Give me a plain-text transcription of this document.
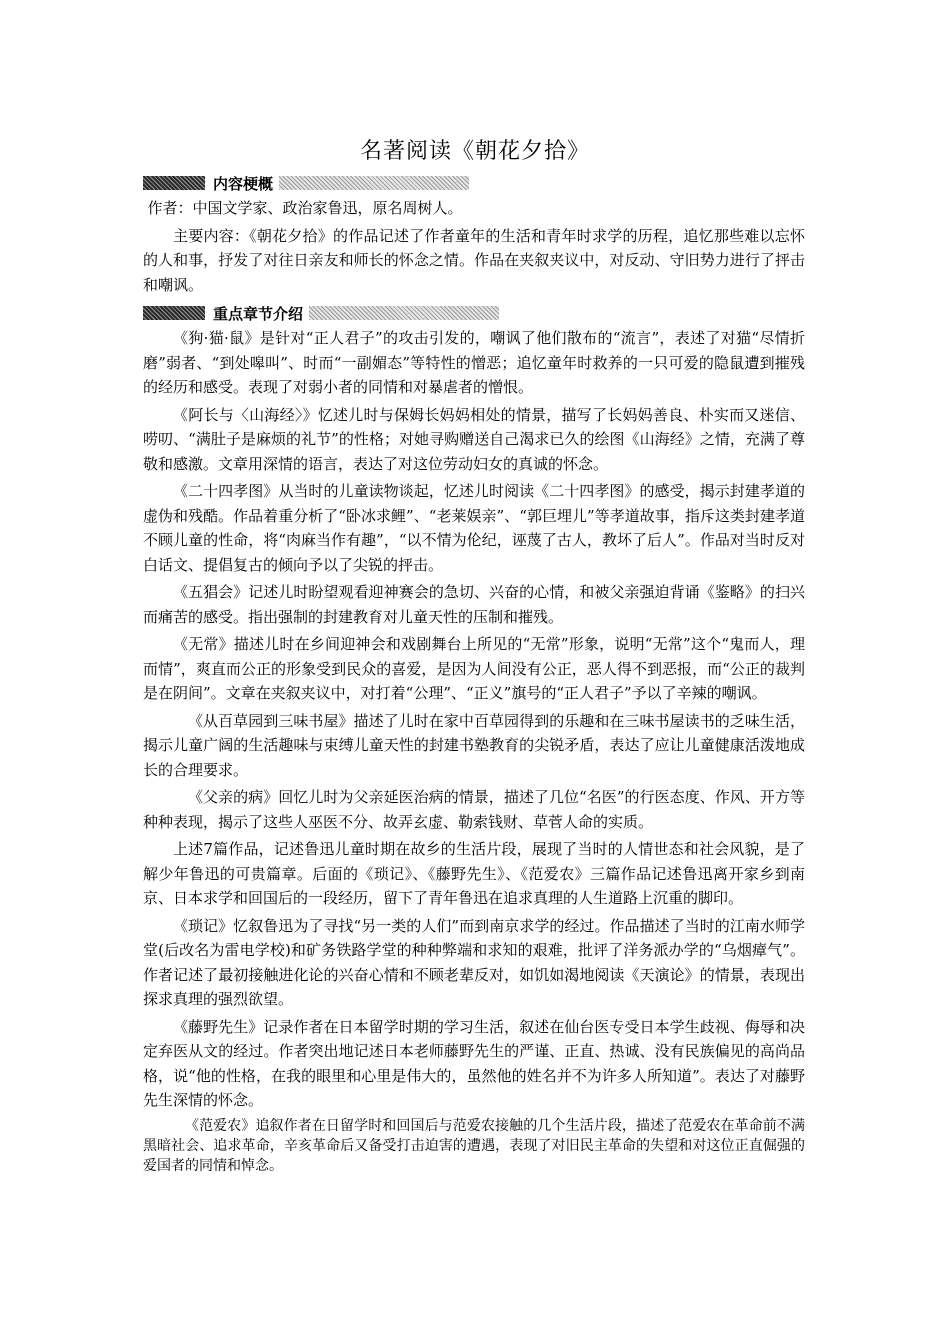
名著阅读《朝花夕拾》
内容梗概

作者：中国文学家、政治家鲁迅，原名周树人。

主要内容：《朝花夕拾》的作品记述了作者童年的生活和青年时求学的历程，追忆那些难以忘怀的人和事，抒发了对往日亲友和师长的怀念之情。作品在夹叙夹议中，对反动、守旧势力进行了抨击和嘲讽。

重点章节介绍

《狗·猫·鼠》是针对“正人君子”的攻击引发的，嘲讽了他们散布的“流言”，表述了对猫“尽情折磨”弱者、“到处嗥叫”、时而“一副媚态”等特性的憎恶；追忆童年时救养的一只可爱的隐鼠遭到摧残的经历和感受。表现了对弱小者的同情和对暴虐者的憎恨。

《阿长与〈山海经〉》忆述儿时与保姆长妈妈相处的情景，描写了长妈妈善良、朴实而又迷信、唠叨、“满肚子是麻烦的礼节”的性格；对她寻购赠送自己渴求已久的绘图《山海经》之情，充满了尊敬和感激。文章用深情的语言，表达了对这位劳动妇女的真诚的怀念。

《二十四孝图》从当时的儿童读物谈起，忆述儿时阅读《二十四孝图》的感受，揭示封建孝道的虚伪和残酷。作品着重分析了“卧冰求鲤”、“老莱娱亲”、“郭巨埋儿”等孝道故事，指斥这类封建孝道不顾儿童的性命，将“肉麻当作有趣”，“以不情为伦纪，诬蔑了古人，教坏了后人”。作品对当时反对白话文、提倡复古的倾向予以了尖锐的抨击。

《五猖会》记述儿时盼望观看迎神赛会的急切、兴奋的心情，和被父亲强迫背诵《鉴略》的扫兴而痛苦的感受。指出强制的封建教育对儿童天性的压制和摧残。

《无常》描述儿时在乡间迎神会和戏剧舞台上所见的“无常”形象，说明“无常”这个“鬼而人，理而情”，爽直而公正的形象受到民众的喜爱，是因为人间没有公正，恶人得不到恶报，而“公正的裁判是在阴间”。文章在夹叙夹议中，对打着“公理”、“正义”旗号的“正人君子”予以了辛辣的嘲讽。

《从百草园到三味书屋》描述了儿时在家中百草园得到的乐趣和在三味书屋读书的乏味生活，揭示儿童广阔的生活趣味与束缚儿童天性的封建书塾教育的尖锐矛盾，表达了应让儿童健康活泼地成长的合理要求。

《父亲的病》回忆儿时为父亲延医治病的情景，描述了几位“名医”的行医态度、作风、开方等种种表现，揭示了这些人巫医不分、故弄玄虚、勒索钱财、草菅人命的实质。

上述7篇作品，记述鲁迅儿童时期在故乡的生活片段，展现了当时的人情世态和社会风貌，是了解少年鲁迅的可贵篇章。后面的《琐记》、《藤野先生》、《范爱农》三篇作品记述鲁迅离开家乡到南京、日本求学和回国后的一段经历，留下了青年鲁迅在追求真理的人生道路上沉重的脚印。

《琐记》忆叙鲁迅为了寻找“另一类的人们”而到南京求学的经过。作品描述了当时的江南水师学堂(后改名为雷电学校)和矿务铁路学堂的种种弊端和求知的艰难，批评了洋务派办学的“乌烟瘴气”。作者记述了最初接触进化论的兴奋心情和不顾老辈反对，如饥如渴地阅读《天演论》的情景，表现出探求真理的强烈欲望。

《藤野先生》记录作者在日本留学时期的学习生活，叙述在仙台医专受日本学生歧视、侮辱和决定弃医从文的经过。作者突出地记述日本老师藤野先生的严谨、正直、热诚、没有民族偏见的高尚品格，说“他的性格，在我的眼里和心里是伟大的，虽然他的姓名并不为许多人所知道”。表达了对藤野先生深情的怀念。

《范爱农》追叙作者在日留学时和回国后与范爱农接触的几个生活片段，描述了范爱农在革命前不满黑暗社会、追求革命，辛亥革命后又备受打击迫害的遭遇，表现了对旧民主革命的失望和对这位正直倔强的爱国者的同情和悼念。
